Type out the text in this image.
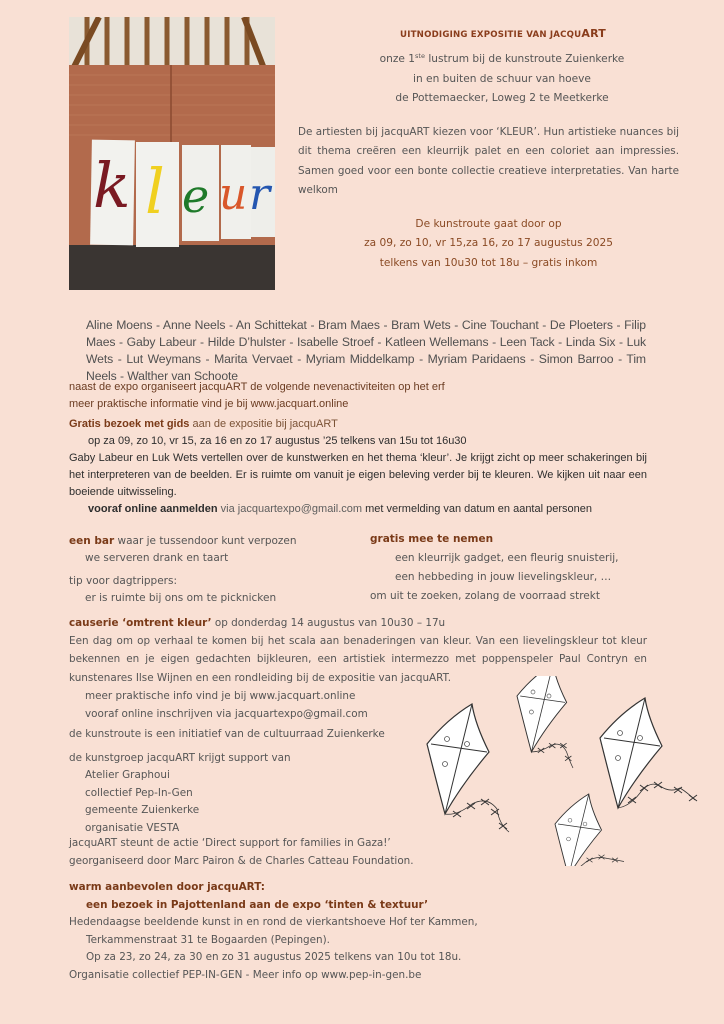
k l e u r
UITNODIGING EXPOSITIE VAN JACQUART
onze 1ste lustrum bij de kunstroute Zuienkerke
in en buiten de schuur van hoeve
de Pottemaecker, Loweg 2 te Meetkerke
De artiesten bij jacquART kiezen voor ‘KLEUR’. Hun artistieke nuances bij dit thema creëren een kleurrijk palet en een coloriet aan impressies. Samen goed voor een bonte collectie creatieve interpretaties. Van harte welkom
De kunstroute gaat door op
za 09, zo 10, vr 15,za 16, zo 17 augustus 2025
telkens van 10u30 tot 18u – gratis inkom
Aline Moens - Anne Neels - An Schittekat - Bram Maes - Bram Wets - Cine Touchant - De Ploeters - Filip Maes - Gaby Labeur - Hilde D’hulster - Isabelle Stroef - Katleen Wellemans - Leen Tack - Linda Six - Luk Wets - Lut Weymans - Marita Vervaet - Myriam Middelkamp - Myriam Paridaens - Simon Barroo - Tim Neels - Walther van Schoote
naast de expo organiseert jacquART de volgende nevenactiviteiten op het erf
meer praktische informatie vind je bij www.jacquart.online
Gratis bezoek met gids aan de expositie bij jacquART
op za 09, zo 10, vr 15, za 16 en zo 17 augustus ’25 telkens van 15u tot 16u30
Gaby Labeur en Luk Wets vertellen over de kunstwerken en het thema ‘kleur’. Je krijgt zicht op meer schakeringen bij het interpreteren van de beelden. Er is ruimte om vanuit je eigen beleving verder bij te kleuren. We kijken uit naar een boeiende uitwisseling.
vooraf online aanmelden via jacquartexpo@gmail.com met vermelding van datum en aantal personen
een bar waar je tussendoor kunt verpozen
we serveren drank en taart
tip voor dagtrippers:
er is ruimte bij ons om te picknicken
gratis mee te nemen
een kleurrijk gadget, een fleurig snuisterij,
een hebbeding in jouw lievelingskleur, …
om uit te zoeken, zolang de voorraad strekt
causerie ‘omtrent kleur’ op donderdag 14 augustus van 10u30 – 17u
Een dag om op verhaal te komen bij het scala aan benaderingen van kleur. Van een lievelingskleur tot kleur bekennen en je eigen gedachten bijkleuren, een artistiek intermezzo met poppenspeler Paul Contryn en kunstenares Ilse Wijnen en een rondleiding bij de expositie van jacquART.
meer praktische info vind je bij www.jacquart.online
vooraf online inschrijven via jacquartexpo@gmail.com
de kunstroute is een initiatief van de cultuurraad Zuienkerke
de kunstgroep jacquART krijgt support van
Atelier Graphoui
collectief Pep-In-Gen
gemeente Zuienkerke
organisatie VESTA
jacquART steunt de actie ‘Direct support for families in Gaza!’
georganiseerd door Marc Pairon & de Charles Catteau Foundation.
warm aanbevolen door jacquART:
een bezoek in Pajottenland aan de expo ‘tinten & textuur’
Hedendaagse beeldende kunst in en rond de vierkantshoeve Hof ter Kammen,
Terkammenstraat 31 te Bogaarden (Pepingen).
Op za 23, zo 24, za 30 en zo 31 augustus 2025 telkens van 10u tot 18u.
Organisatie collectief PEP-IN-GEN - Meer info op www.pep-in-gen.be
